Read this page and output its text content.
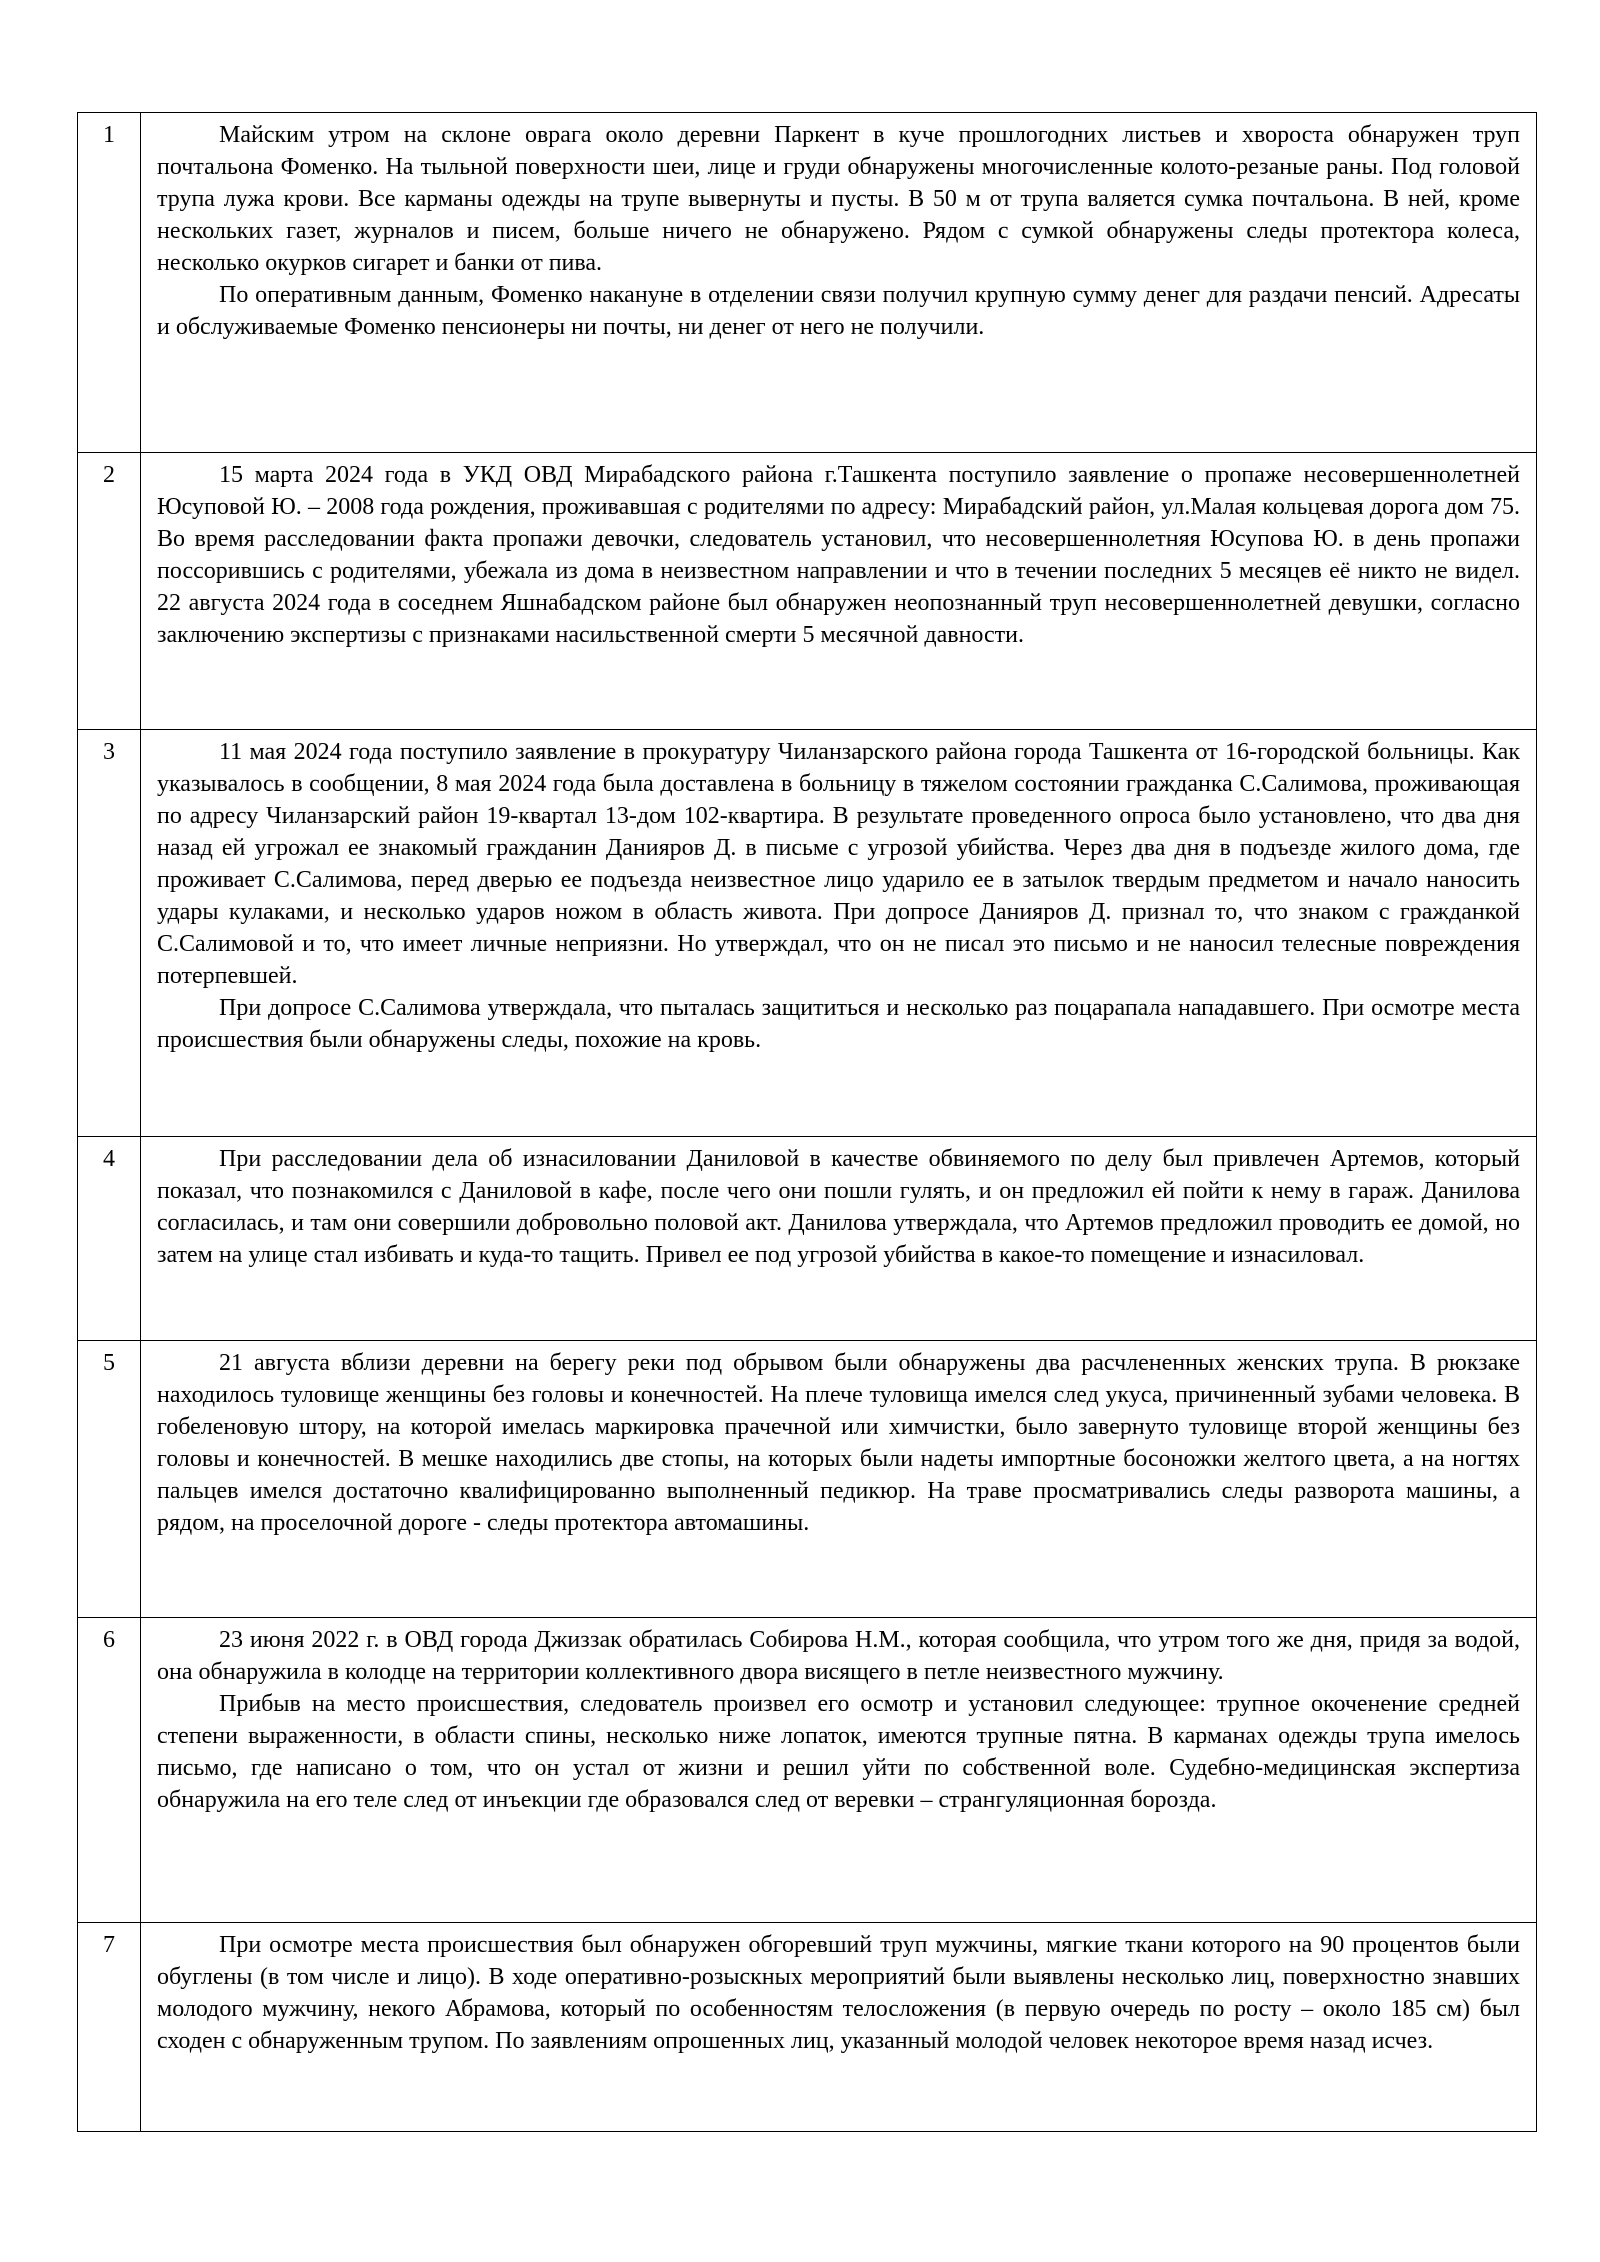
1	Майским утром на склоне оврага около деревни Паркент в куче прошлогодних листьев и хвороста обнаружен труп почтальона Фоменко. На тыльной поверхности шеи, лице и груди обнаружены многочисленные колото-резаные раны. Под головой трупа лужа крови. Все карманы одежды на трупе вывернуты и пусты. В 50 м от трупа валяется сумка почтальона. В ней, кроме нескольких газет, журналов и писем, больше ничего не обнаружено. Рядом с сумкой обнаружены следы протектора колеса, несколько окурков сигарет и банки от пива.

По оперативным данным, Фоменко накануне в отделении связи получил крупную сумму денег для раздачи пенсий. Адресаты и обслуживаемые Фоменко пенсионеры ни почты, ни денег от него не получили.

2	15 марта 2024 года в УКД ОВД Мирабадского района г.Ташкента поступило заявление о пропаже несовершеннолетней Юсуповой Ю. – 2008 года рождения, проживавшая с родителями по адресу: Мирабадский район, ул.Малая кольцевая дорога дом 75. Во время расследовании факта пропажи девочки, следователь установил, что несовершеннолетняя Юсупова Ю. в день пропажи поссорившись с родителями, убежала из дома в неизвестном направлении и что в течении последних 5 месяцев её никто не видел. 22 августа 2024 года в соседнем Яшнабадском районе был обнаружен неопознанный труп несовершеннолетней девушки, согласно заключению экспертизы с признаками насильственной смерти 5 месячной давности.

3	11 мая 2024 года поступило заявление в прокуратуру Чиланзарского района города Ташкента от 16-городской больницы. Как указывалось в сообщении, 8 мая 2024 года была доставлена в больницу в тяжелом состоянии гражданка С.Салимова, проживающая по адресу Чиланзарский район 19-квартал 13-дом 102-квартира. В результате проведенного опроса было установлено, что два дня назад ей угрожал ее знакомый гражданин Данияров Д. в письме с угрозой убийства. Через два дня в подъезде жилого дома, где проживает С.Салимова, перед дверью ее подъезда неизвестное лицо ударило ее в затылок твердым предметом и начало наносить удары кулаками, и несколько ударов ножом в область живота. При допросе Данияров Д. признал то, что знаком с гражданкой С.Салимовой и то, что имеет личные неприязни. Но утверждал, что он не писал это письмо и не наносил телесные повреждения потерпевшей.

При допросе С.Салимова утверждала, что пыталась защититься и несколько раз поцарапала нападавшего. При осмотре места происшествия были обнаружены следы, похожие на кровь.

4	При расследовании дела об изнасиловании Даниловой в качестве обвиняемого по делу был привлечен Артемов, который показал, что познакомился с Даниловой в кафе, после чего они пошли гулять, и он предложил ей пойти к нему в гараж. Данилова согласилась, и там они совершили добровольно половой акт. Данилова утверждала, что Артемов предложил проводить ее домой, но затем на улице стал избивать и куда-то тащить. Привел ее под угрозой убийства в какое-то помещение и изнасиловал.

5	21 августа вблизи деревни на берегу реки под обрывом были обнаружены два расчлененных женских трупа. В рюкзаке находилось туловище женщины без головы и конечностей. На плече туловища имелся след укуса, причиненный зубами человека. В гобеленовую штору, на которой имелась маркировка прачечной или химчистки, было завернуто туловище второй женщины без головы и конечностей. В мешке находились две стопы, на которых были надеты импортные босоножки желтого цвета, а на ногтях пальцев имелся достаточно квалифицированно выполненный педикюр. На траве просматривались следы разворота машины, а рядом, на проселочной дороге - следы протектора автомашины.

6	23 июня 2022 г. в ОВД города Джиззак обратилась Собирова Н.М., которая сообщила, что утром того же дня, придя за водой, она обнаружила в колодце на территории коллективного двора висящего в петле неизвестного мужчину.

Прибыв на место происшествия, следователь произвел его осмотр и установил следующее: трупное окоченение средней степени выраженности, в области спины, несколько ниже лопаток, имеются трупные пятна. В карманах одежды трупа имелось письмо, где написано о том, что он устал от жизни и решил уйти по собственной воле. Судебно-медицинская экспертиза обнаружила на его теле след от инъекции где образовался след от веревки – странгуляционная борозда.

7	При осмотре места происшествия был обнаружен обгоревший труп мужчины, мягкие ткани которого на 90 процентов были обуглены (в том числе и лицо). В ходе оперативно-розыскных мероприятий были выявлены несколько лиц, поверхностно знавших молодого мужчину, некого Абрамова, который по особенностям телосложения (в первую очередь по росту – около 185 см) был сходен с обнаруженным трупом. По заявлениям опрошенных лиц, указанный молодой человек некоторое время назад исчез.
